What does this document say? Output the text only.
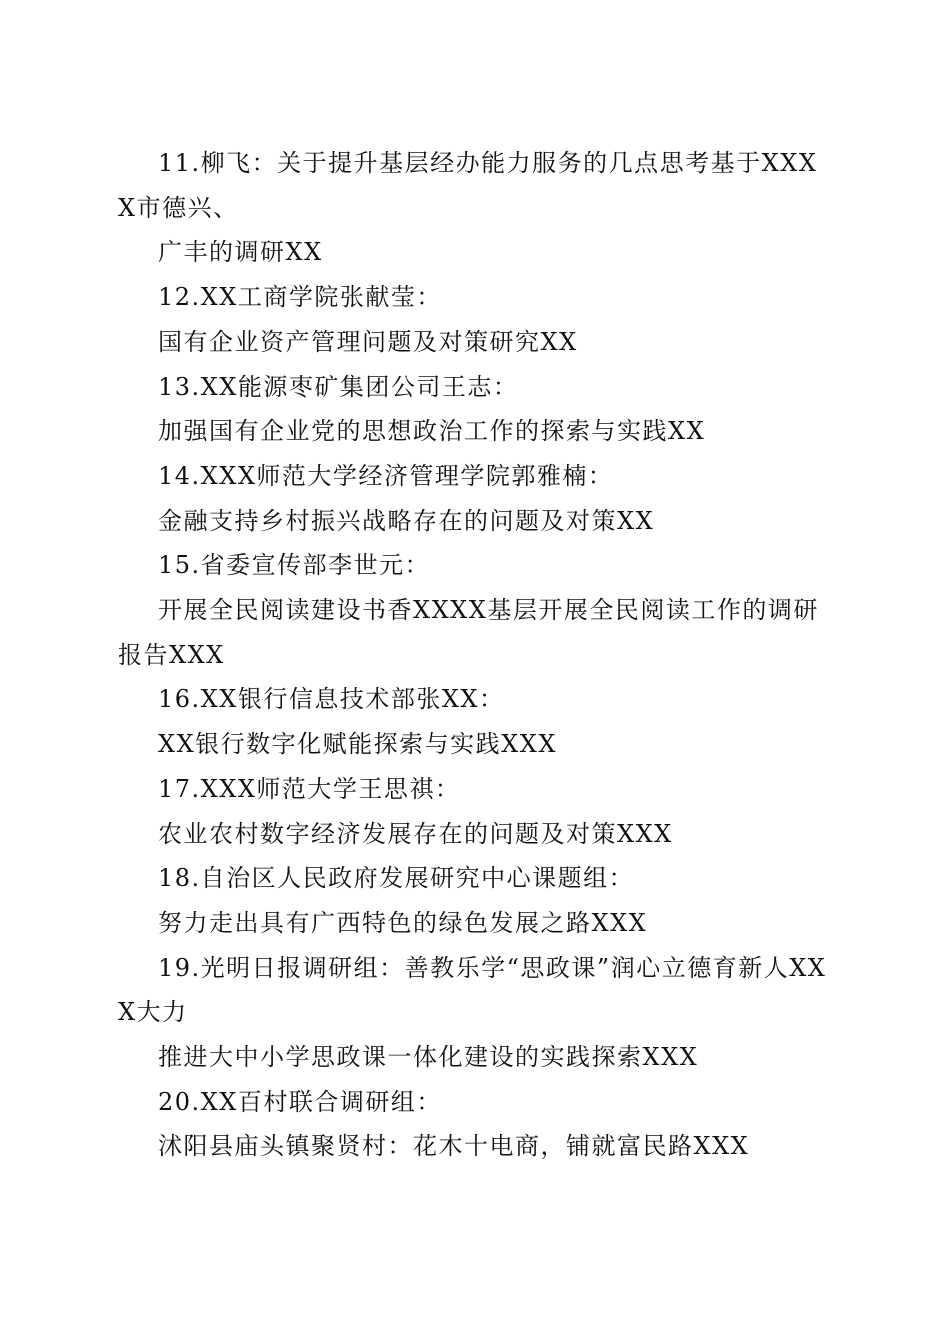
11.柳飞：关于提升基层经办能力服务的几点思考基于XXXX市德兴、

广丰的调研XX

12.XX工商学院张献莹：

国有企业资产管理问题及对策研究XX

13.XX能源枣矿集团公司王志：

加强国有企业党的思想政治工作的探索与实践XX

14.XXX师范大学经济管理学院郭雅楠：

金融支持乡村振兴战略存在的问题及对策XX

15.省委宣传部李世元：

开展全民阅读建设书香XXXX基层开展全民阅读工作的调研报告XXX

16.XX银行信息技术部张XX：

XX银行数字化赋能探索与实践XXX

17.XXX师范大学王思祺：

农业农村数字经济发展存在的问题及对策XXX

18.自治区人民政府发展研究中心课题组：

努力走出具有广西特色的绿色发展之路XXX

19.光明日报调研组：善教乐学“思政课”润心立德育新人XXX大力

推进大中小学思政课一体化建设的实践探索XXX

20.XX百村联合调研组：

沭阳县庙头镇聚贤村：花木十电商，铺就富民路XXX
